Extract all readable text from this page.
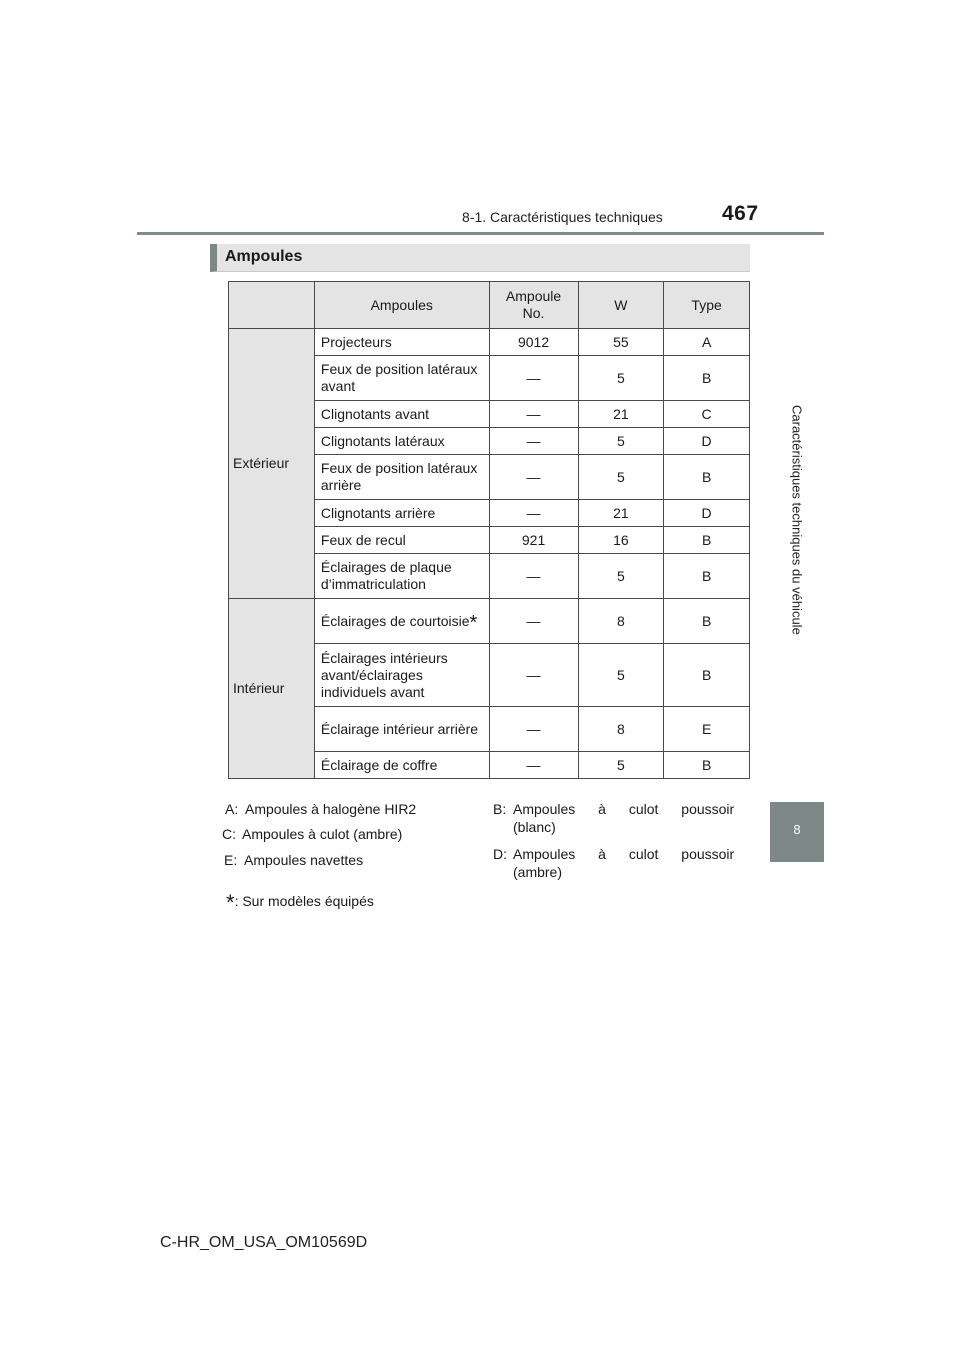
8-1. Caractéristiques techniques	467
Caractéristiques techniques du véhicule
8
Ampoules
	Ampoules	Ampoule No.	W	Type
Extérieur	Projecteurs	9012	55	A
	Feux de position latéraux avant	—	5	B
	Clignotants avant	—	21	C
	Clignotants latéraux	—	5	D
	Feux de position latéraux arrière	—	5	B
	Clignotants arrière	—	21	D
	Feux de recul	921	16	B
	Éclairages de plaque d’immatriculation	—	5	B
Intérieur	Éclairages de courtoisie*	—	8	B
	Éclairages intérieurs avant/éclairages individuels avant	—	5	B
	Éclairage intérieur arrière	—	8	E
	Éclairage de coffre	—	5	B
A: Ampoules à halogène HIR2
C: Ampoules à culot (ambre)
E: Ampoules navettes
B: Ampoules à culot poussoir
(blanc)
D: Ampoules à culot poussoir
(ambre)
*: Sur modèles équipés
C-HR_OM_USA_OM10569D
